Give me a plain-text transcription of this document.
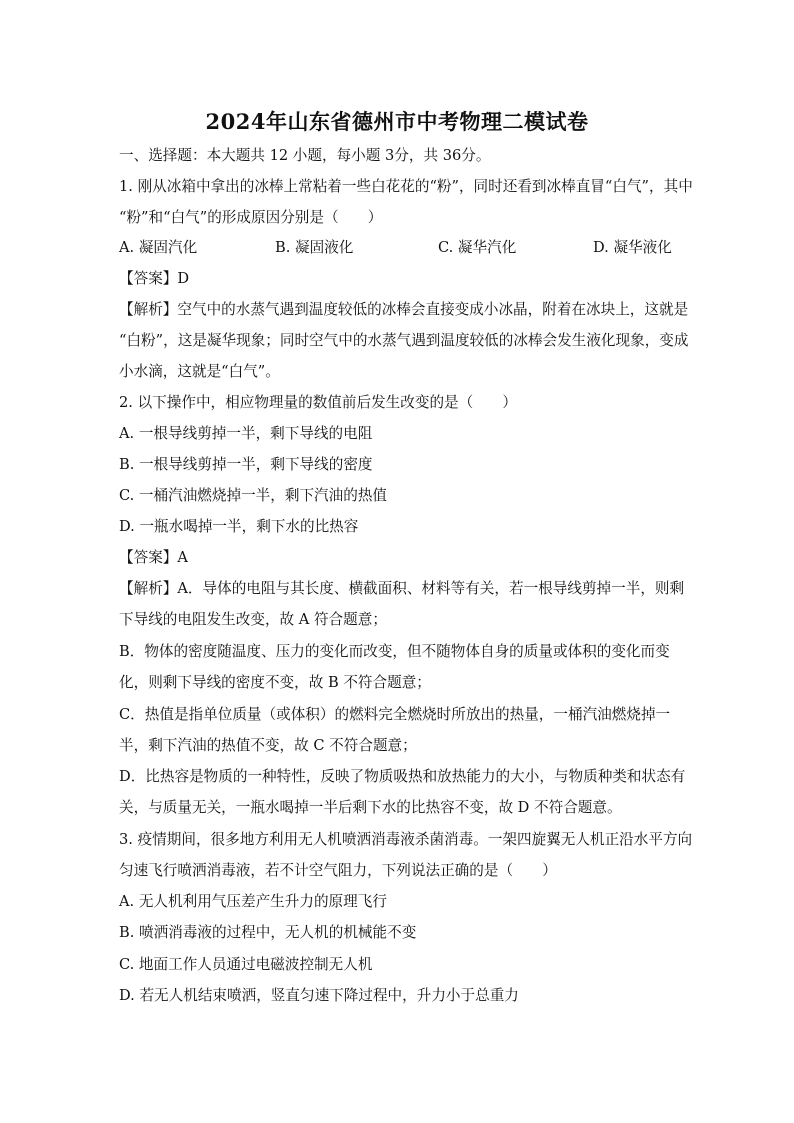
2024年山东省德州市中考物理二模试卷
一、选择题：本大题共 12 小题，每小题 3分，共 36分。
1. 刚从冰箱中拿出的冰棒上常粘着一些白花花的“粉”，同时还看到冰棒直冒“白气”，其中
“粉”和“白气”的形成原因分别是（　　）
A. 凝固汽化	B. 凝固液化	C. 凝华汽化	D. 凝华液化
【答案】D
【解析】空气中的水蒸气遇到温度较低的冰棒会直接变成小冰晶，附着在冰块上，这就是
“白粉”，这是凝华现象；同时空气中的水蒸气遇到温度较低的冰棒会发生液化现象，变成
小水滴，这就是“白气”。
2. 以下操作中，相应物理量的数值前后发生改变的是（　　）
A. 一根导线剪掉一半，剩下导线的电阻
B. 一根导线剪掉一半，剩下导线的密度
C. 一桶汽油燃烧掉一半，剩下汽油的热值
D. 一瓶水喝掉一半，剩下水的比热容
【答案】A
【解析】A．导体的电阻与其长度、横截面积、材料等有关，若一根导线剪掉一半，则剩
下导线的电阻发生改变，故 A 符合题意；
B．物体的密度随温度、压力的变化而改变，但不随物体自身的质量或体积的变化而变
化，则剩下导线的密度不变，故 B 不符合题意；
C．热值是指单位质量（或体积）的燃料完全燃烧时所放出的热量，一桶汽油燃烧掉一
半，剩下汽油的热值不变，故 C 不符合题意；
D．比热容是物质的一种特性，反映了物质吸热和放热能力的大小，与物质种类和状态有
关，与质量无关，一瓶水喝掉一半后剩下水的比热容不变，故 D 不符合题意。
3. 疫情期间，很多地方利用无人机喷洒消毒液杀菌消毒。一架四旋翼无人机正沿水平方向
匀速飞行喷洒消毒液，若不计空气阻力，下列说法正确的是（　　）
A. 无人机利用气压差产生升力的原理飞行
B. 喷洒消毒液的过程中，无人机的机械能不变
C. 地面工作人员通过电磁波控制无人机
D. 若无人机结束喷洒，竖直匀速下降过程中，升力小于总重力
